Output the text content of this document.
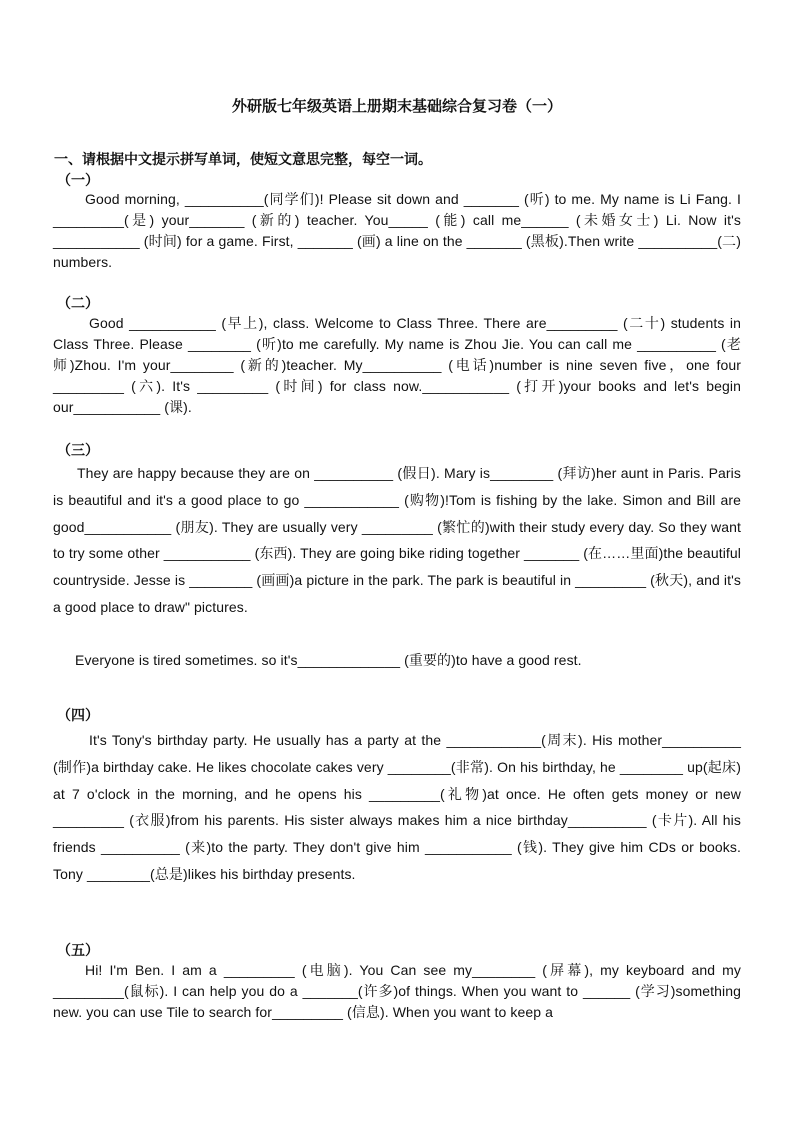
外研版七年级英语上册期末基础综合复习卷（一）
一、请根据中文提示拼写单词，使短文意思完整，每空一词。
（一）

Good morning, __________(同学们)! Please sit down and _______ (听) to me. My name is Li Fang. I _________(是) your_______ (新的) teacher. You_____ (能) call me______ (未婚女士) Li. Now it's ___________ (时间) for a game. First, _______ (画) a line on the _______ (黑板).Then write __________(二) numbers.

（二）

Good ___________ (早上), class. Welcome to Class Three. There are_________ (二十) students in Class Three. Please ________ (听)to me carefully. My name is Zhou Jie. You can call me __________ (老师)Zhou. I'm your________ (新的)teacher. My__________ (电话)number is nine seven five，one four _________ (六). It's _________ (时间) for class now.___________ (打开)your books and let's begin our___________ (课).

（三）

They are happy because they are on __________ (假日). Mary is________ (拜访)her aunt in Paris. Paris is beautiful and it's a good place to go ____________ (购物)!Tom is fishing by the lake. Simon and Bill are good___________ (朋友). They are usually very _________ (繁忙的)with their study every day. So they want to try some other ___________ (东西). They are going bike riding together _______ (在……里面)the beautiful countryside. Jesse is ________ (画画)a picture in the park. The park is beautiful in _________ (秋天), and it's a good place to draw" pictures.

Everyone is tired sometimes. so it's_____________ (重要的)to have a good rest.

（四）

It's Tony's birthday party. He usually has a party at the ____________(周末). His mother__________ (制作)a birthday cake. He likes chocolate cakes very ________(非常). On his birthday, he ________ up(起床) at 7 o'clock in the morning, and he opens his _________(礼物)at once. He often gets money or new _________ (衣服)from his parents. His sister always makes him a nice birthday__________ (卡片). All his friends __________ (来)to the party. They don't give him ___________ (钱). They give him CDs or books. Tony ________(总是)likes his birthday presents.

（五）

Hi! I'm Ben. I am a _________ (电脑). You Can see my________ (屏幕), my keyboard and my _________(鼠标). I can help you do a _______(许多)of things. When you want to ______ (学习)something new. you can use Tile to search for_________ (信息). When you want to keep a
